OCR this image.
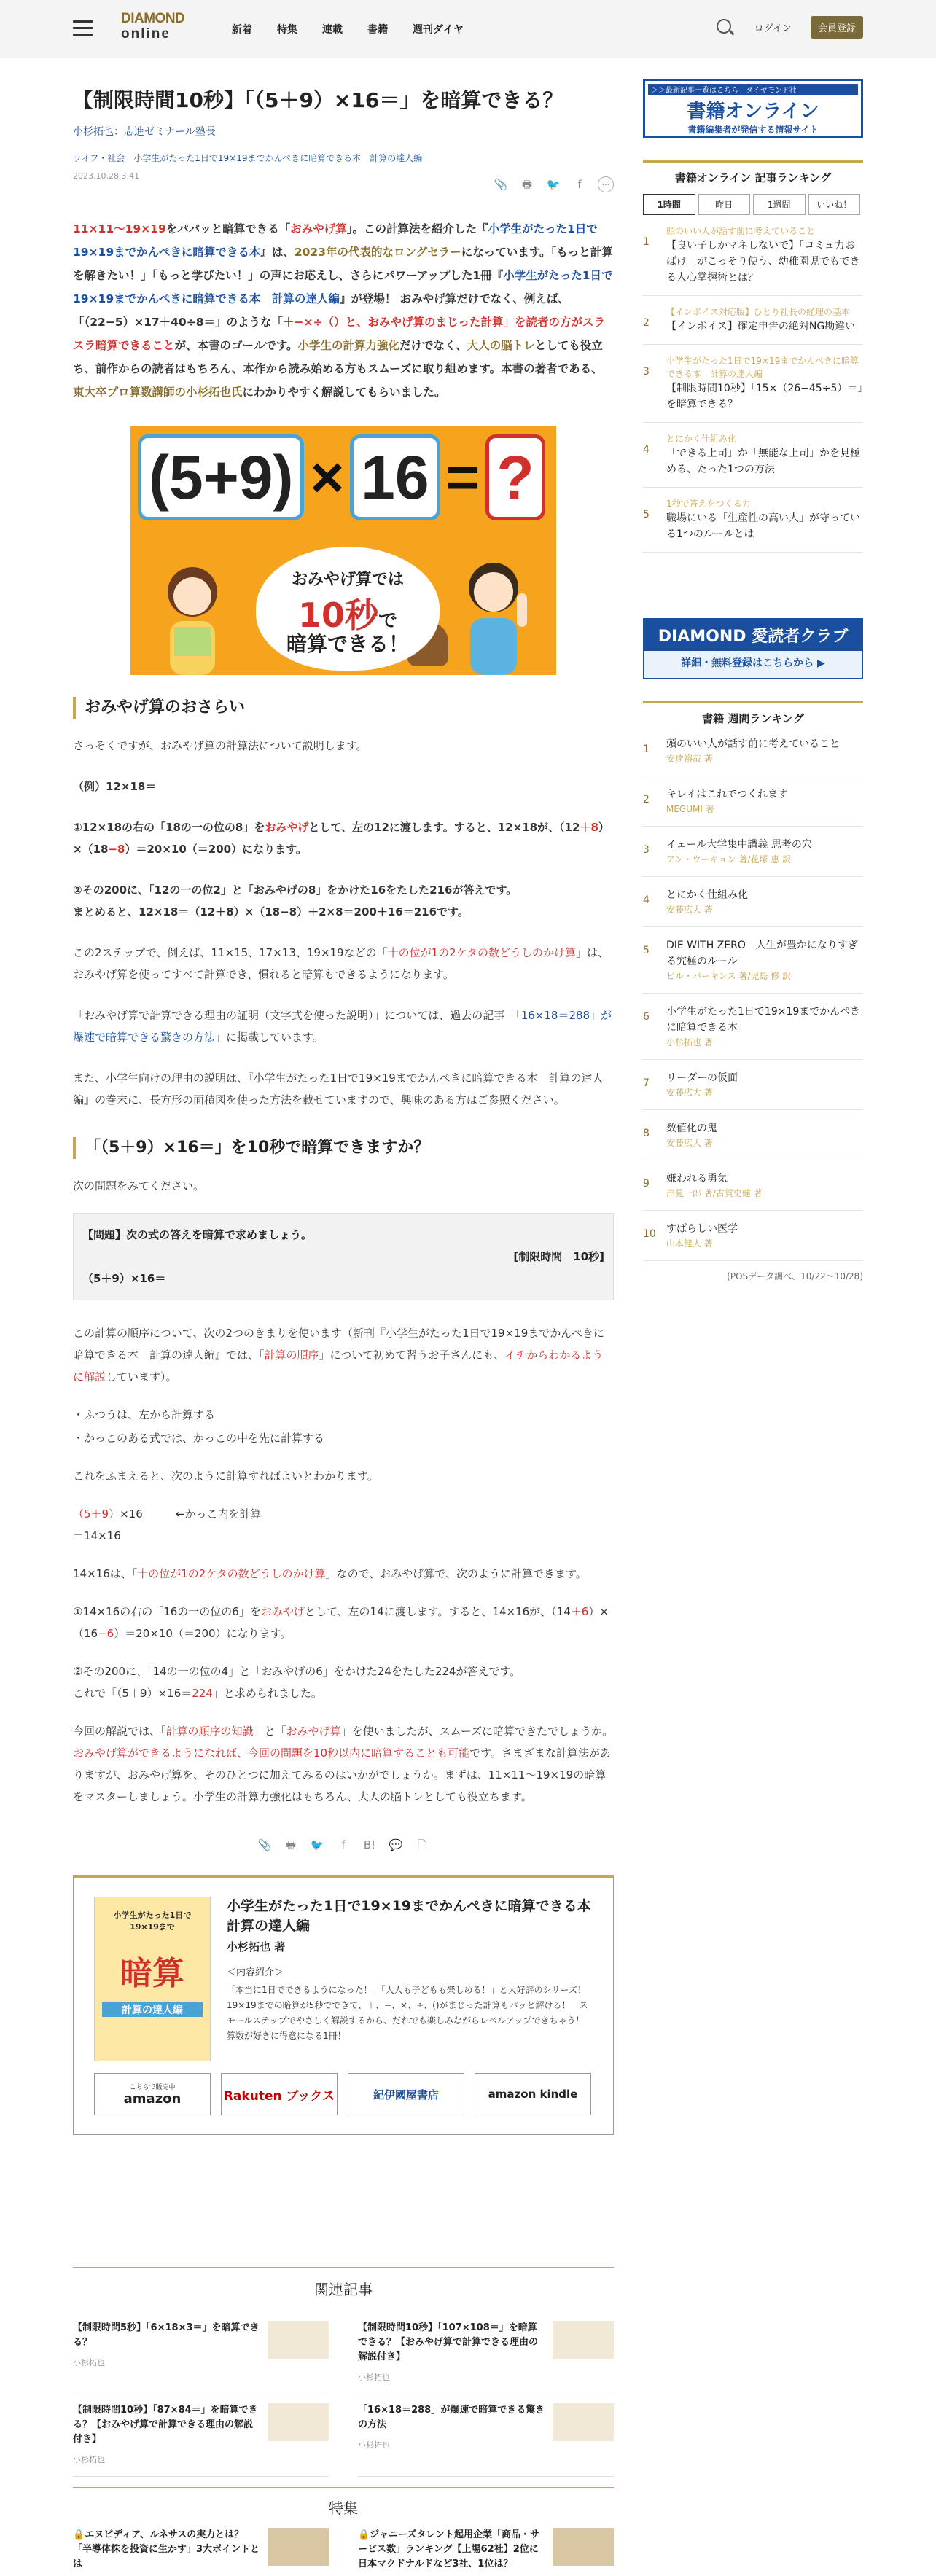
DIAMOND
online	新着 特集 連載 書籍 週刊ダイヤ	ログイン	会員登録
【制限時間10秒】「（5＋9）×16＝」を暗算できる？
小杉拓也：志進ゼミナール塾長
ライフ・社会　小学生がたった1日で19×19までかんぺきに暗算できる本　計算の達人編
2023.10.28 3:41
📎 🖶 🐦	f	···
11×11〜19×19をパパッと暗算できる「おみやげ算」。この計算法を紹介した『小学生がたった1日で19×19までかんぺきに暗算できる本』は、2023年の代表的なロングセラーになっています。「もっと計算を解きたい！」「もっと学びたい！」の声にお応えし、さらにパワーアップした1冊『小学生がたった1日で19×19までかんぺきに暗算できる本　計算の達人編』が登場！ おみやげ算だけでなく、例えば、「（22−5）×17＋40÷8＝」のような「＋−×÷（）と、おみやげ算のまじった計算」を読者の方がスラスラ暗算できることが、本書のゴールです。小学生の計算力強化だけでなく、大人の脳トレとしても役立ち、前作からの読者はもちろん、本作から読み始める方もスムーズに取り組めます。本書の著者である、東大卒プロ算数講師の小杉拓也氏にわかりやすく解説してもらいました。
(5+9) × 16 = ?
おみやげ算では
10秒で
暗算できる！
おみやげ算のおさらい
さっそくですが、おみやげ算の計算法について説明します。
（例）12×18＝
①12×18の右の「18の一の位の8」をおみやげとして、左の12に渡します。すると、12×18が、（12＋8）×（18−8）＝20×10（＝200）になります。
②その200に、「12の一の位2」と「おみやげの8」をかけた16をたした216が答えです。
まとめると、12×18＝（12＋8）×（18−8）＋2×8＝200＋16＝216です。
この2ステップで、例えば、11×15、17×13、19×19などの「十の位が1の2ケタの数どうしのかけ算」は、おみやげ算を使ってすべて計算でき、慣れると暗算もできるようになります。
「おみやげ算で計算できる理由の証明（文字式を使った説明）」については、過去の記事「「16×18＝288」が爆速で暗算できる驚きの方法」に掲載しています。
また、小学生向けの理由の説明は、『小学生がたった1日で19×19までかんぺきに暗算できる本　計算の達人編』の巻末に、長方形の面積図を使った方法を載せていますので、興味のある方はご参照ください。
「（5＋9）×16＝」を10秒で暗算できますか？
次の問題をみてください。
【問題】次の式の答えを暗算で求めましょう。
[制限時間　10秒]
（5＋9）×16＝
この計算の順序について、次の2つのきまりを使います（新刊『小学生がたった1日で19×19までかんぺきに暗算できる本　計算の達人編』では、「計算の順序」について初めて習うお子さんにも、イチからわかるように解説しています）。
・ふつうは、左から計算する
・かっこのある式では、かっこの中を先に計算する
これをふまえると、次のように計算すればよいとわかります。
（5＋9）×16　　　←かっこ内を計算
＝14×16
14×16は、「十の位が1の2ケタの数どうしのかけ算」なので、おみやげ算で、次のように計算できます。
①14×16の右の「16の一の位の6」をおみやげとして、左の14に渡します。すると、14×16が、（14＋6）×（16−6）＝20×10（＝200）になります。
②その200に、「14の一の位の4」と「おみやげの6」をかけた24をたした224が答えです。
これで「（5＋9）×16＝224」と求められました。
今回の解説では、「計算の順序の知識」と「おみやげ算」を使いましたが、スムーズに暗算できたでしょうか。おみやげ算ができるようになれば、今回の問題を10秒以内に暗算することも可能です。さまざまな計算法がありますが、おみやげ算を、そのひとつに加えてみるのはいかがでしょうか。まずは、11×11〜19×19の暗算をマスターしましょう。小学生の計算力強化はもちろん、大人の脳トレとしても役立ちます。
📎 🖶 🐦	f	B! 💬	🗋
小学生がたった1日で19×19まで
暗算
計算の達人編
小学生がたった1日で19×19までかんぺきに暗算できる本　計算の達人編
小杉拓也 著
＜内容紹介＞
「本当に1日でできるようになった！」「大人も子どもも楽しめる！」と大好評のシリーズ！　19×19までの暗算が5秒でできて、＋、−、×、÷、()がまじった計算もパッと解ける！　スモールステップでやさしく解説するから、だれでも楽しみながらレベルアップできちゃう！　算数が好きに得意になる1冊！
こちらで販売中
amazon	Rakuten ブックス	紀伊國屋書店	amazon kindle
関連記事
【制限時間5秒】「6×18×3＝」を暗算できる？
小杉拓也
【制限時間10秒】「107×108＝」を暗算できる？【おみやげ算で計算できる理由の解説付き】
小杉拓也
【制限時間10秒】「87×84＝」を暗算できる？【おみやげ算で計算できる理由の解説付き】
小杉拓也
「16×18＝288」が爆速で暗算できる驚きの方法
小杉拓也
特集
🔒エヌビディア、ルネサスの実力とは？「半導体株を投資に生かす」3大ポイントとは
🔒ジャニーズタレント起用企業「商品・サービス数」ランキング【上場62社】2位に日本マクドナルドなど3社、1位は？
＞＞最新記事一覧はこちら　ダイヤモンド社
書籍オンライン
書籍編集者が発信する情報サイト
書籍オンライン 記事ランキング
1時間	昨日	1週間	いいね！
1
頭のいい人が話す前に考えていること
【良い子しかマネしないで】「コミュ力おばけ」がこっそり使う、幼稚園児でもできる人心掌握術とは？
2
【インボイス対応版】ひとり社長の経理の基本
【インボイス】確定申告の絶対NG勘違い
3
小学生がたった1日で19×19までかんぺきに暗算できる本　計算の達人編
【制限時間10秒】「15×（26−45÷5）＝」を暗算できる？
4
とにかく仕組み化
「できる上司」か「無能な上司」かを見極める、たった1つの方法
5
1秒で答えをつくる力
職場にいる「生産性の高い人」が守っている1つのルールとは
DIAMOND 愛読者クラブ
詳細・無料登録はこちらから ▶
書籍 週間ランキング
1	頭のいい人が話す前に考えていること
安達裕哉 著
2	キレイはこれでつくれます
MEGUMI 著
3	イェール大学集中講義 思考の穴
アン・ウーキョン 著/花塚 恵 訳
4	とにかく仕組み化
安藤広大 著
5	DIE WITH ZERO　人生が豊かになりすぎる究極のルール
ビル・パーキンス 著/児島 修 訳
6	小学生がたった1日で19×19までかんぺきに暗算できる本
小杉拓也 著
7	リーダーの仮面
安藤広大 著
8	数値化の鬼
安藤広大 著
9	嫌われる勇気
岸見一郎 著/古賀史健 著
10 すばらしい医学
山本健人 著
(POSデータ調べ、10/22〜10/28)
